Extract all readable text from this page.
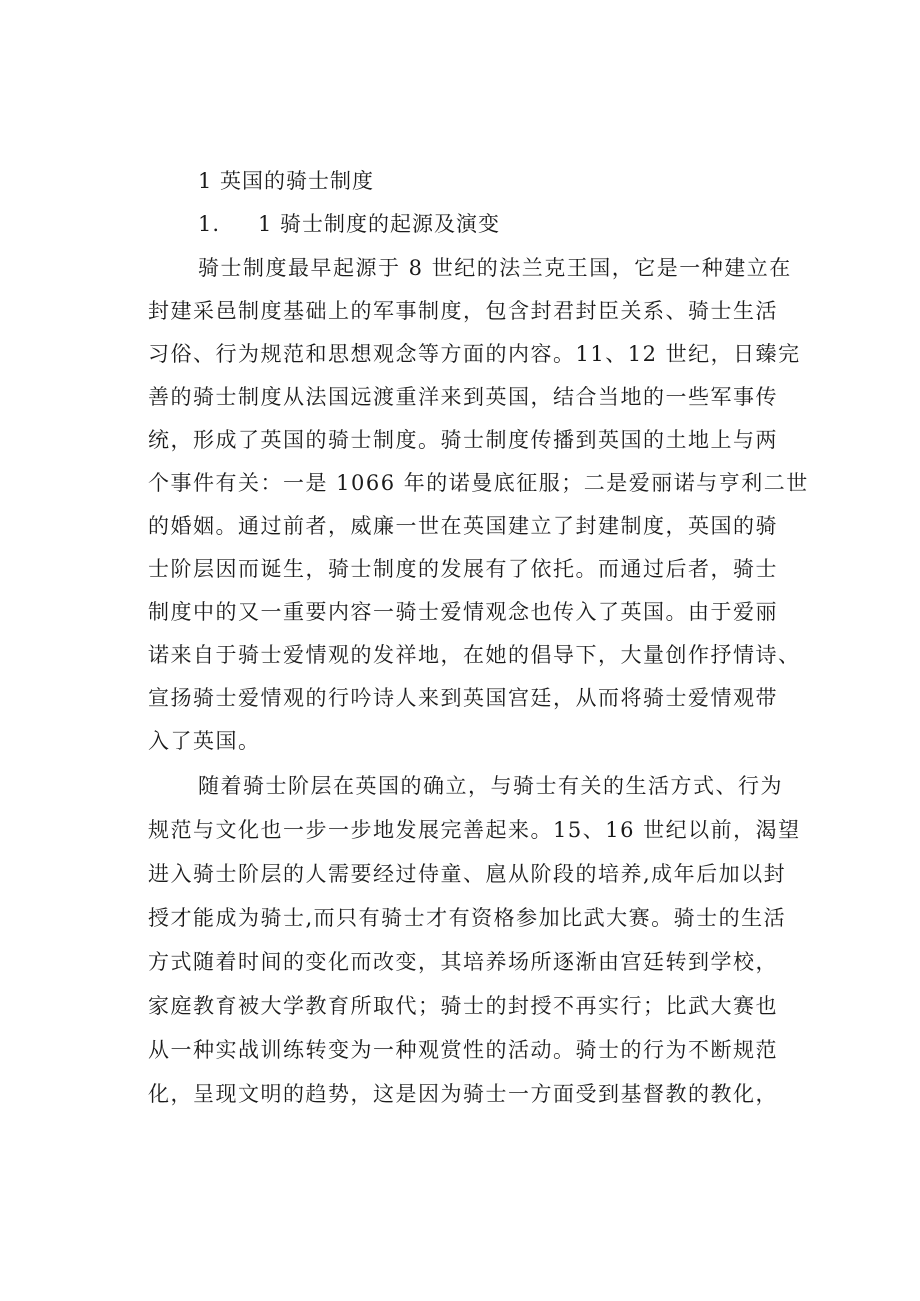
1 英国的骑士制度
1. 1 骑士制度的起源及演变
骑士制度最早起源于 8 世纪的法兰克王国，它是一种建立在
封建采邑制度基础上的军事制度，包含封君封臣关系、骑士生活
习俗、行为规范和思想观念等方面的内容。11、12 世纪，日臻完
善的骑士制度从法国远渡重洋来到英国，结合当地的一些军事传
统，形成了英国的骑士制度。骑士制度传播到英国的土地上与两
个事件有关：一是 1066 年的诺曼底征服；二是爱丽诺与亨利二世
的婚姻。通过前者，威廉一世在英国建立了封建制度，英国的骑
士阶层因而诞生，骑士制度的发展有了依托。而通过后者，骑士
制度中的又一重要内容一骑士爱情观念也传入了英国。由于爱丽
诺来自于骑士爱情观的发祥地，在她的倡导下，大量创作抒情诗、
宣扬骑士爱情观的行吟诗人来到英国宫廷，从而将骑士爱情观带
入了英国。
随着骑士阶层在英国的确立，与骑士有关的生活方式、行为
规范与文化也一步一步地发展完善起来。15、16 世纪以前，渴望
进入骑士阶层的人需要经过侍童、扈从阶段的培养,成年后加以封
授才能成为骑士,而只有骑士才有资格参加比武大赛。骑士的生活
方式随着时间的变化而改变，其培养场所逐渐由宫廷转到学校，
家庭教育被大学教育所取代；骑士的封授不再实行；比武大赛也
从一种实战训练转变为一种观赏性的活动。骑士的行为不断规范
化，呈现文明的趋势，这是因为骑士一方面受到基督教的教化，
